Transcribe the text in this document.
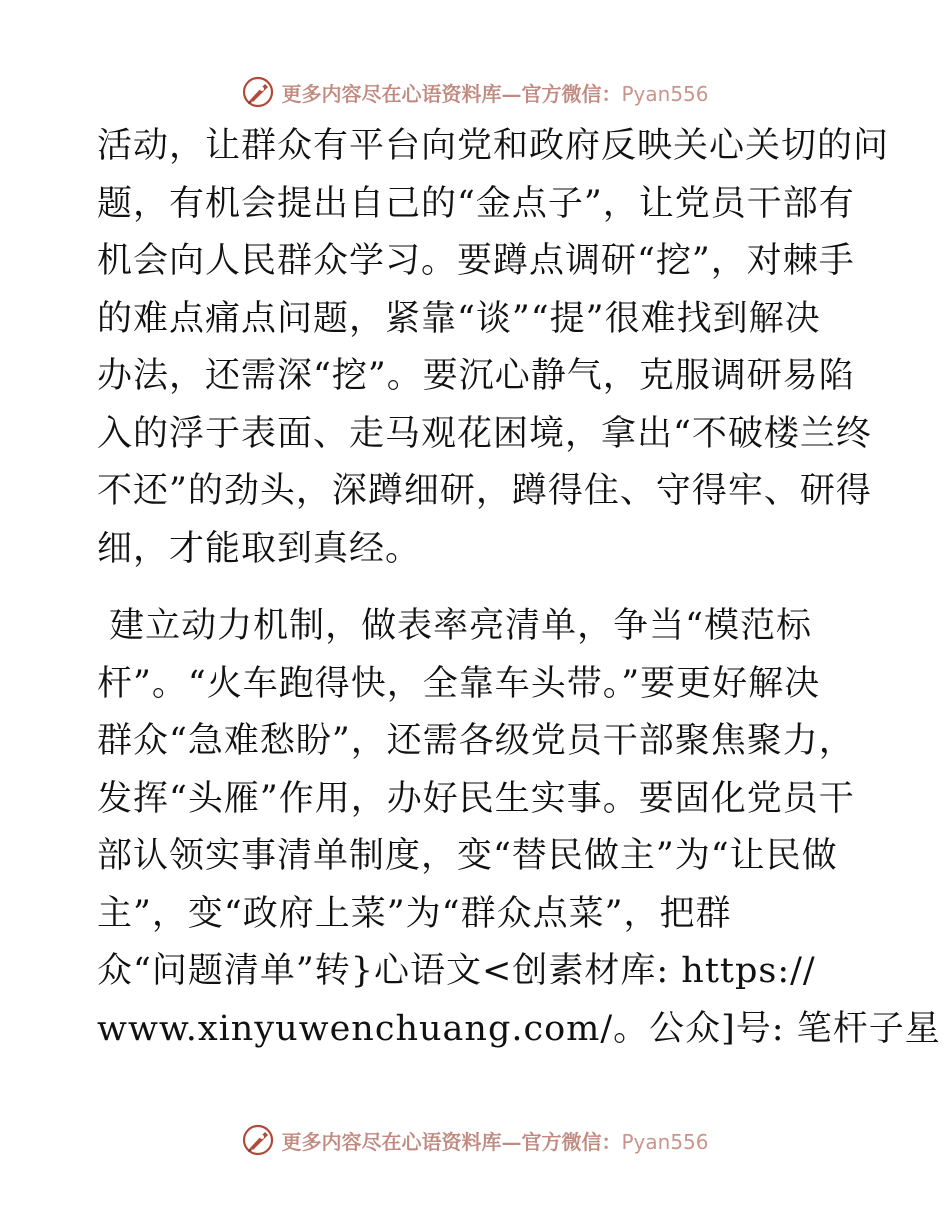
更多内容尽在心语资料库—官方微信：Pyan556
活动，让群众有平台向党和政府反映关心关切的问
题，有机会提出自己的“金点子”，让党员干部有
机会向人民群众学习。要蹲点调研“挖”，对棘手
的难点痛点问题，紧靠“谈”“提”很难找到解决
办法，还需深“挖”。要沉心静气，克服调研易陷
入的浮于表面、走马观花困境，拿出“不破楼兰终
不还”的劲头，深蹲细研，蹲得住、守得牢、研得
细，才能取到真经。
建立动力机制，做表率亮清单，争当“模范标
杆”。“火车跑得快，全靠车头带。”要更好解决
群众“急难愁盼”，还需各级党员干部聚焦聚力，
发挥“头雁”作用，办好民生实事。要固化党员干
部认领实事清单制度，变“替民做主”为“让民做
主”，变“政府上菜”为“群众点菜”，把群
众“问题清单”转}心语文<创素材库: https://
www.xinyuwenchuang.com/。公众]号: 笔杆子星
更多内容尽在心语资料库—官方微信：Pyan556
